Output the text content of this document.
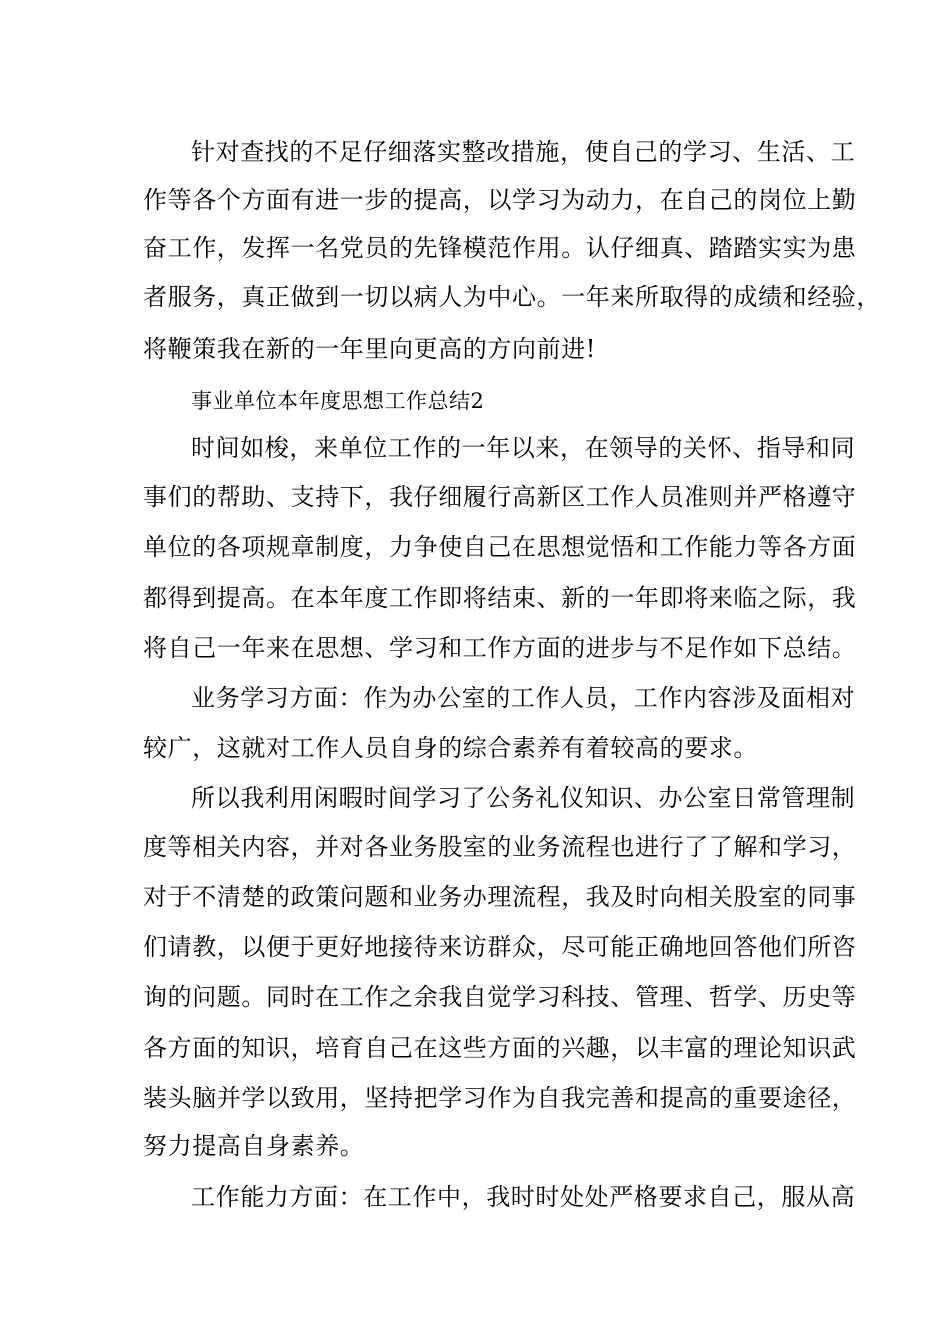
针对查找的不足仔细落实整改措施，使自己的学习、生活、工
作等各个方面有进一步的提高，以学习为动力，在自己的岗位上勤
奋工作，发挥一名党员的先锋模范作用。认仔细真、踏踏实实为患
者服务，真正做到一切以病人为中心。一年来所取得的成绩和经验，
将鞭策我在新的一年里向更高的方向前进!
事业单位本年度思想工作总结2
时间如梭，来单位工作的一年以来，在领导的关怀、指导和同
事们的帮助、支持下，我仔细履行高新区工作人员准则并严格遵守
单位的各项规章制度，力争使自己在思想觉悟和工作能力等各方面
都得到提高。在本年度工作即将结束、新的一年即将来临之际，我
将自己一年来在思想、学习和工作方面的进步与不足作如下总结。
业务学习方面：作为办公室的工作人员，工作内容涉及面相对
较广，这就对工作人员自身的综合素养有着较高的要求。
所以我利用闲暇时间学习了公务礼仪知识、办公室日常管理制
度等相关内容，并对各业务股室的业务流程也进行了了解和学习，
对于不清楚的政策问题和业务办理流程，我及时向相关股室的同事
们请教，以便于更好地接待来访群众，尽可能正确地回答他们所咨
询的问题。同时在工作之余我自觉学习科技、管理、哲学、历史等
各方面的知识，培育自己在这些方面的兴趣，以丰富的理论知识武
装头脑并学以致用，坚持把学习作为自我完善和提高的重要途径，
努力提高自身素养。
工作能力方面：在工作中，我时时处处严格要求自己，服从高
